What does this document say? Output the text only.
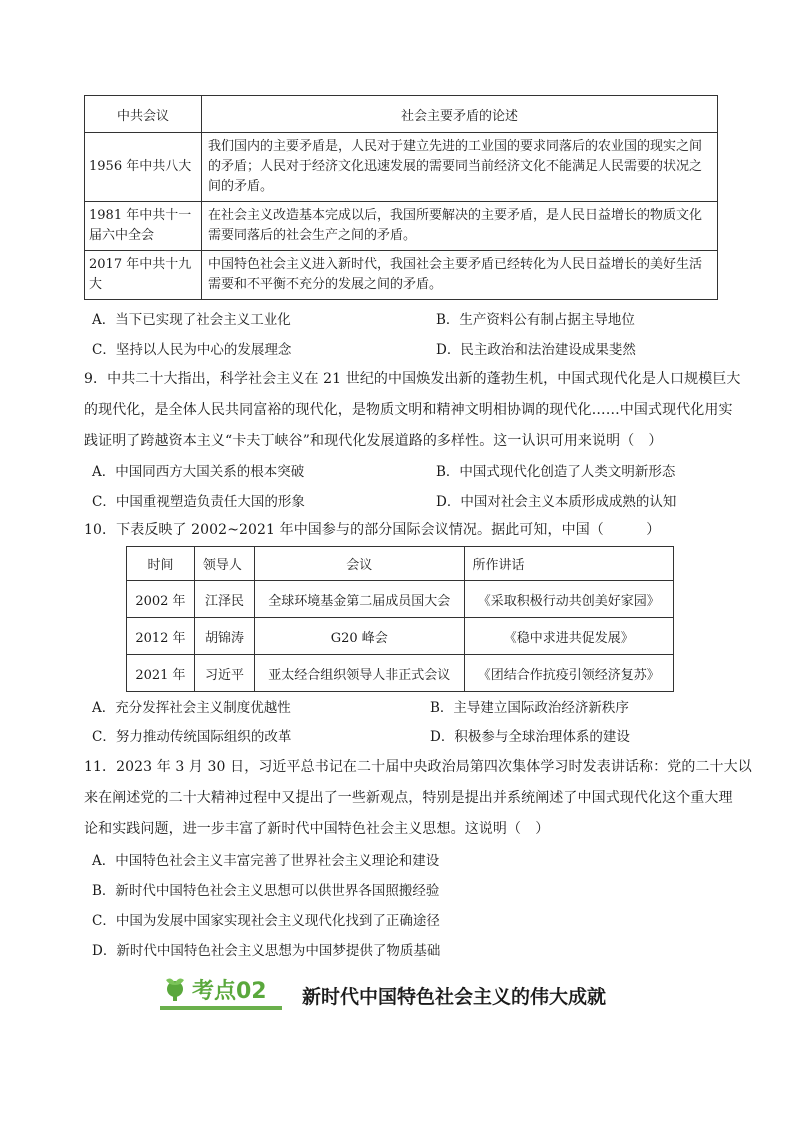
中共会议	社会主要矛盾的论述
1956 年中共八大	我们国内的主要矛盾是，人民对于建立先进的工业国的要求同落后的农业国的现实之间的矛盾；人民对于经济文化迅速发展的需要同当前经济文化不能满足人民需要的状况之间的矛盾。
1981 年中共十一届六中全会	在社会主义改造基本完成以后，我国所要解决的主要矛盾，是人民日益增长的物质文化需要同落后的社会生产之间的矛盾。
2017 年中共十九大	中国特色社会主义进入新时代，我国社会主要矛盾已经转化为人民日益增长的美好生活需要和不平衡不充分的发展之间的矛盾。
A．当下已实现了社会主义工业化	B．生产资料公有制占据主导地位
C．坚持以人民为中心的发展理念	D．民主政治和法治建设成果斐然
9．中共二十大指出，科学社会主义在 21 世纪的中国焕发出新的蓬勃生机，中国式现代化是人口规模巨大
的现代化，是全体人民共同富裕的现代化，是物质文明和精神文明相协调的现代化……中国式现代化用实
践证明了跨越资本主义“卡夫丁峡谷”和现代化发展道路的多样性。这一认识可用来说明（　）
A．中国同西方大国关系的根本突破	B．中国式现代化创造了人类文明新形态
C．中国重视塑造负责任大国的形象	D．中国对社会主义本质形成成熟的认知
10．下表反映了 2002~2021 年中国参与的部分国际会议情况。据此可知，中国（　　　）
时间	领导人	会议	所作讲话
2002 年	江泽民	全球环境基金第二届成员国大会	《采取积极行动共创美好家园》
2012 年	胡锦涛	G20 峰会	《稳中求进共促发展》
2021 年	习近平	亚太经合组织领导人非正式会议	《团结合作抗疫引领经济复苏》
A．充分发挥社会主义制度优越性	B．主导建立国际政治经济新秩序
C．努力推动传统国际组织的改革	D．积极参与全球治理体系的建设
11．2023 年 3 月 30 日，习近平总书记在二十届中央政治局第四次集体学习时发表讲话称：党的二十大以
来在阐述党的二十大精神过程中又提出了一些新观点，特别是提出并系统阐述了中国式现代化这个重大理
论和实践问题，进一步丰富了新时代中国特色社会主义思想。这说明（　）
A．中国特色社会主义丰富完善了世界社会主义理论和建设
B．新时代中国特色社会主义思想可以供世界各国照搬经验
C．中国为发展中国家实现社会主义现代化找到了正确途径
D．新时代中国特色社会主义思想为中国梦提供了物质基础
考点02 新时代中国特色社会主义的伟大成就
